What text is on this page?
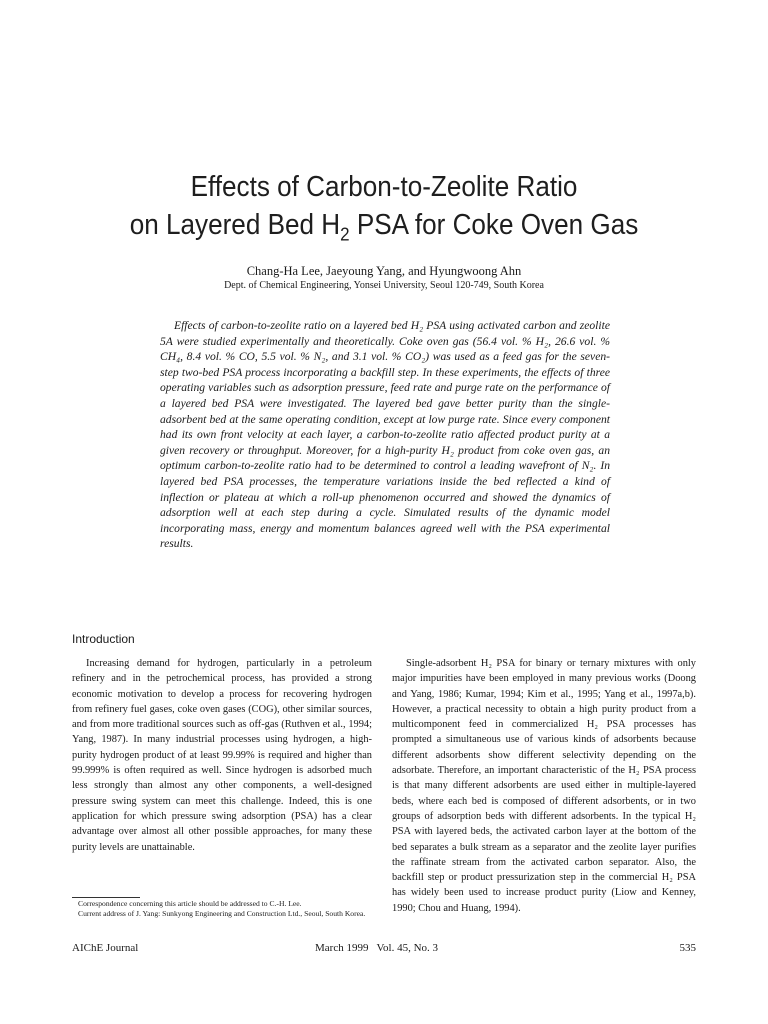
Effects of Carbon-to-Zeolite Ratio
on Layered Bed $H_2$ PSA for Coke Oven Gas
Chang-Ha Lee, Jaeyoung Yang, and Hyungwoong Ahn
Dept. of Chemical Engineering, Yonsei University, Seoul 120-749, South Korea

Effects of carbon-to-zeolite ratio on a layered bed H₂ PSA using activated carbon and zeolite 5A were studied experimentally and theoretically. Coke oven gas (56.4 vol. % H₂, 26.6 vol. % CH₄, 8.4 vol. % CO, 5.5 vol. % N₂, and 3.1 vol. % CO₂) was used as a feed gas for the seven-step two-bed PSA process incorporating a backfill step. In these experiments, the effects of three operating variables such as adsorption pressure, feed rate and purge rate on the performance of a layered bed PSA were investigated. The layered bed gave better purity than the single-adsorbent bed at the same operating condition, except at low purge rate. Since every component had its own front velocity at each layer, a carbon-to-zeolite ratio affected product purity at a given recovery or throughput. Moreover, for a high-purity H₂ product from coke oven gas, an optimum carbon-to-zeolite ratio had to be determined to control a leading wavefront of N₂. In layered bed PSA processes, the temperature variations inside the bed reflected a kind of inflection or plateau at which a roll-up phenomenon occurred and showed the dynamics of adsorption well at each step during a cycle. Simulated results of the dynamic model incorporating mass, energy and momentum balances agreed well with the PSA experimental results.

Introduction

Increasing demand for hydrogen, particularly in a petroleum refinery and in the petrochemical process, has provided a strong economic motivation to develop a process for recovering hydrogen from refinery fuel gases, coke oven gases (COG), other similar sources, and from more traditional sources such as off-gas (Ruthven et al., 1994; Yang, 1987). In many industrial processes using hydrogen, a high-purity hydrogen product of at least 99.99% is required and higher than 99.999% is often required as well. Since hydrogen is adsorbed much less strongly than almost any other components, a well-designed pressure swing system can meet this challenge. Indeed, this is one application for which pressure swing adsorption (PSA) has a clear advantage over almost all other possible approaches, for many these purity levels are unattainable.

Single-adsorbent H₂ PSA for binary or ternary mixtures with only major impurities have been employed in many previous works (Doong and Yang, 1986; Kumar, 1994; Kim et al., 1995; Yang et al., 1997a,b). However, a practical necessity to obtain a high purity product from a multicomponent feed in commercialized H₂ PSA processes has prompted a simultaneous use of various kinds of adsorbents because different adsorbents show different selectivity depending on the adsorbate. Therefore, an important characteristic of the H₂ PSA process is that many different adsorbents are used either in multiple-layered beds, where each bed is composed of different adsorbents, or in two groups of adsorption beds with different adsorbents. In the typical H₂ PSA with layered beds, the activated carbon layer at the bottom of the bed separates a bulk stream as a separator and the zeolite layer purifies the raffinate stream from the activated carbon separator. Also, the backfill step or product pressurization step in the commercial H₂ PSA has widely been used to increase product purity (Liow and Kenney, 1990; Chou and Huang, 1994).

Correspondence concerning this article should be addressed to C.-H. Lee.
Current address of J. Yang: Sunkyong Engineering and Construction Ltd., Seoul, South Korea.
AIChE Journal	March 1999   Vol. 45, No. 3	535
